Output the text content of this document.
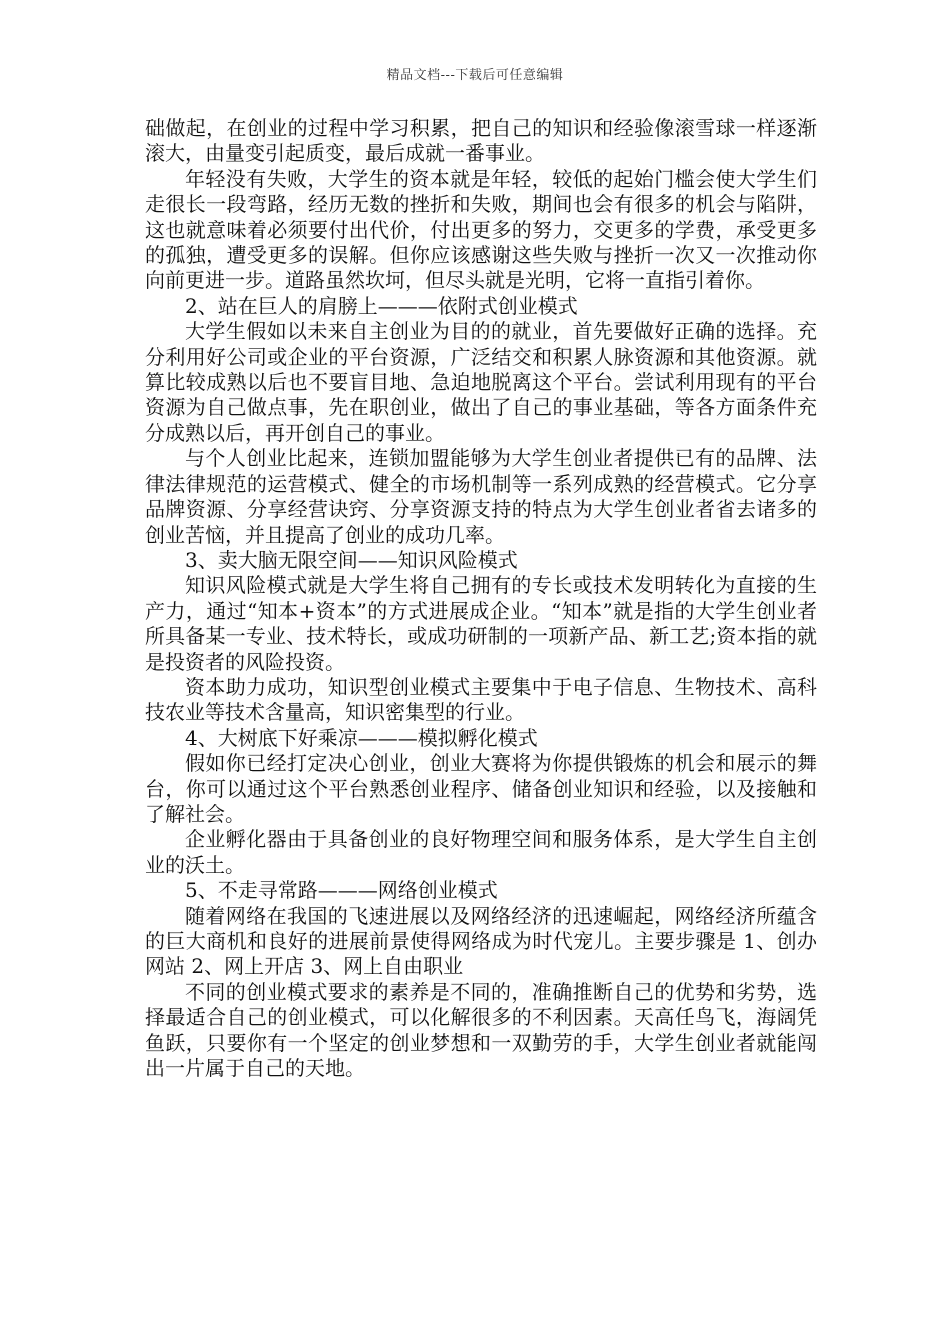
精品文档---下载后可任意编辑

础做起，在创业的过程中学习积累，把自己的知识和经验像滚雪球一样逐渐滚大，由量变引起质变，最后成就一番事业。

年轻没有失败，大学生的资本就是年轻，较低的起始门槛会使大学生们走很长一段弯路，经历无数的挫折和失败，期间也会有很多的机会与陷阱，这也就意味着必须要付出代价，付出更多的努力，交更多的学费，承受更多的孤独，遭受更多的误解。但你应该感谢这些失败与挫折一次又一次推动你向前更进一步。道路虽然坎坷，但尽头就是光明，它将一直指引着你。

2、站在巨人的肩膀上———依附式创业模式

大学生假如以未来自主创业为目的的就业，首先要做好正确的选择。充分利用好公司或企业的平台资源，广泛结交和积累人脉资源和其他资源。就算比较成熟以后也不要盲目地、急迫地脱离这个平台。尝试利用现有的平台资源为自己做点事，先在职创业，做出了自己的事业基础，等各方面条件充分成熟以后，再开创自己的事业。

与个人创业比起来，连锁加盟能够为大学生创业者提供已有的品牌、法律法律规范的运营模式、健全的市场机制等一系列成熟的经营模式。它分享品牌资源、分享经营诀窍、分享资源支持的特点为大学生创业者省去诸多的创业苦恼，并且提高了创业的成功几率。

3、卖大脑无限空间——知识风险模式

知识风险模式就是大学生将自己拥有的专长或技术发明转化为直接的生产力，通过“知本+资本”的方式进展成企业。“知本”就是指的大学生创业者所具备某一专业、技术特长，或成功研制的一项新产品、新工艺;资本指的就是投资者的风险投资。

资本助力成功，知识型创业模式主要集中于电子信息、生物技术、高科技农业等技术含量高，知识密集型的行业。

4、大树底下好乘凉———模拟孵化模式

假如你已经打定决心创业，创业大赛将为你提供锻炼的机会和展示的舞台，你可以通过这个平台熟悉创业程序、储备创业知识和经验，以及接触和了解社会。

企业孵化器由于具备创业的良好物理空间和服务体系，是大学生自主创业的沃土。

5、不走寻常路———网络创业模式

随着网络在我国的飞速进展以及网络经济的迅速崛起，网络经济所蕴含的巨大商机和良好的进展前景使得网络成为时代宠儿。主要步骤是 1、创办网站 2、网上开店 3、网上自由职业

不同的创业模式要求的素养是不同的，准确推断自己的优势和劣势，选择最适合自己的创业模式，可以化解很多的不利因素。天高任鸟飞，海阔凭鱼跃，只要你有一个坚定的创业梦想和一双勤劳的手，大学生创业者就能闯出一片属于自己的天地。
